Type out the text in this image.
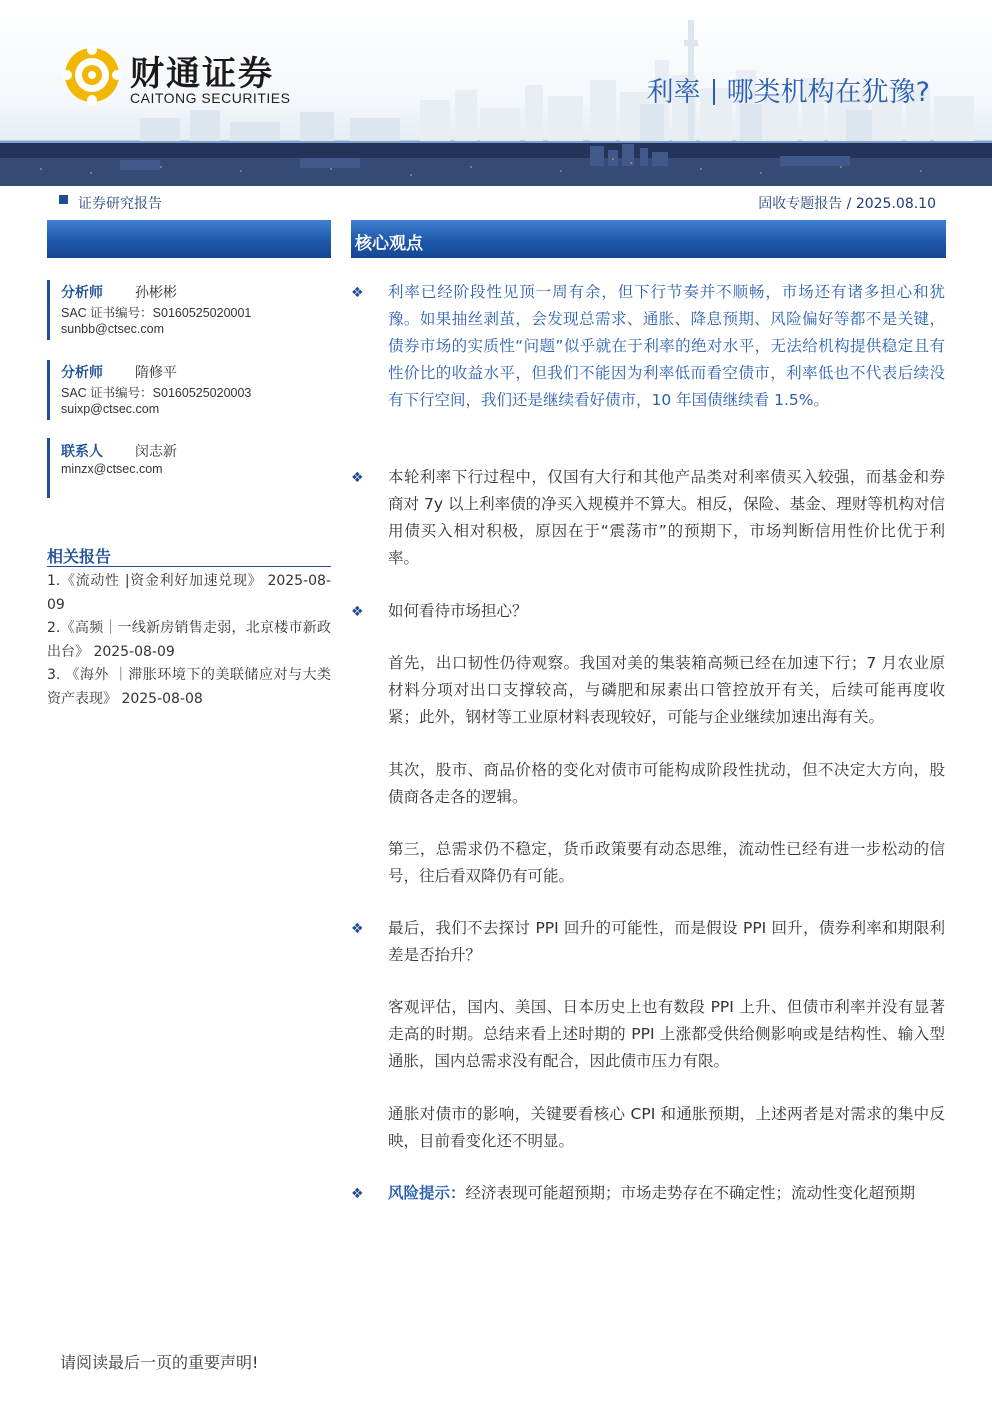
财通证券
CAITONG SECURITIES	利率 哪类机构在犹豫?
证券研究报告	固收专题报告 / 2025.08.10
分析师 孙彬彬
SAC 证书编号：S0160525020001
sunbb@ctsec.com
分析师 隋修平
SAC 证书编号：S0160525020003
suixp@ctsec.com
联系人 闵志新
minzx@ctsec.com
相关报告
1.《流动性 |资金利好加速兑现》 2025-08-09
2.《高频｜一线新房销售走弱，北京楼市新政出台》 2025-08-09
3. 《海外 ｜滞胀环境下的美联储应对与大类资产表现》 2025-08-08
核心观点
❖ 利率已经阶段性见顶一周有余，但下行节奏并不顺畅，市场还有诸多担心和犹豫。如果抽丝剥茧，会发现总需求、通胀、降息预期、风险偏好等都不是关键，债券市场的实质性“问题”似乎就在于利率的绝对水平，无法给机构提供稳定且有性价比的收益水平，但我们不能因为利率低而看空债市，利率低也不代表后续没有下行空间，我们还是继续看好债市，10 年国债继续看 1.5%。
❖ 本轮利率下行过程中，仅国有大行和其他产品类对利率债买入较强，而基金和券商对 7y 以上利率债的净买入规模并不算大。相反，保险、基金、理财等机构对信用债买入相对积极，原因在于“震荡市”的预期下，市场判断信用性价比优于利率。
❖ 如何看待市场担心？
首先，出口韧性仍待观察。我国对美的集装箱高频已经在加速下行；7 月农业原材料分项对出口支撑较高，与磷肥和尿素出口管控放开有关，后续可能再度收紧；此外，钢材等工业原材料表现较好，可能与企业继续加速出海有关。
其次，股市、商品价格的变化对债市可能构成阶段性扰动，但不决定大方向，股债商各走各的逻辑。
第三，总需求仍不稳定，货币政策要有动态思维，流动性已经有进一步松动的信号，往后看双降仍有可能。
❖ 最后，我们不去探讨 PPI 回升的可能性，而是假设 PPI 回升，债券利率和期限利差是否抬升？
客观评估，国内、美国、日本历史上也有数段 PPI 上升、但债市利率并没有显著走高的时期。总结来看上述时期的 PPI 上涨都受供给侧影响或是结构性、输入型通胀，国内总需求没有配合，因此债市压力有限。
通胀对债市的影响，关键要看核心 CPI 和通胀预期，上述两者是对需求的集中反映，目前看变化还不明显。
❖ 风险提示：经济表现可能超预期；市场走势存在不确定性；流动性变化超预期
请阅读最后一页的重要声明!
